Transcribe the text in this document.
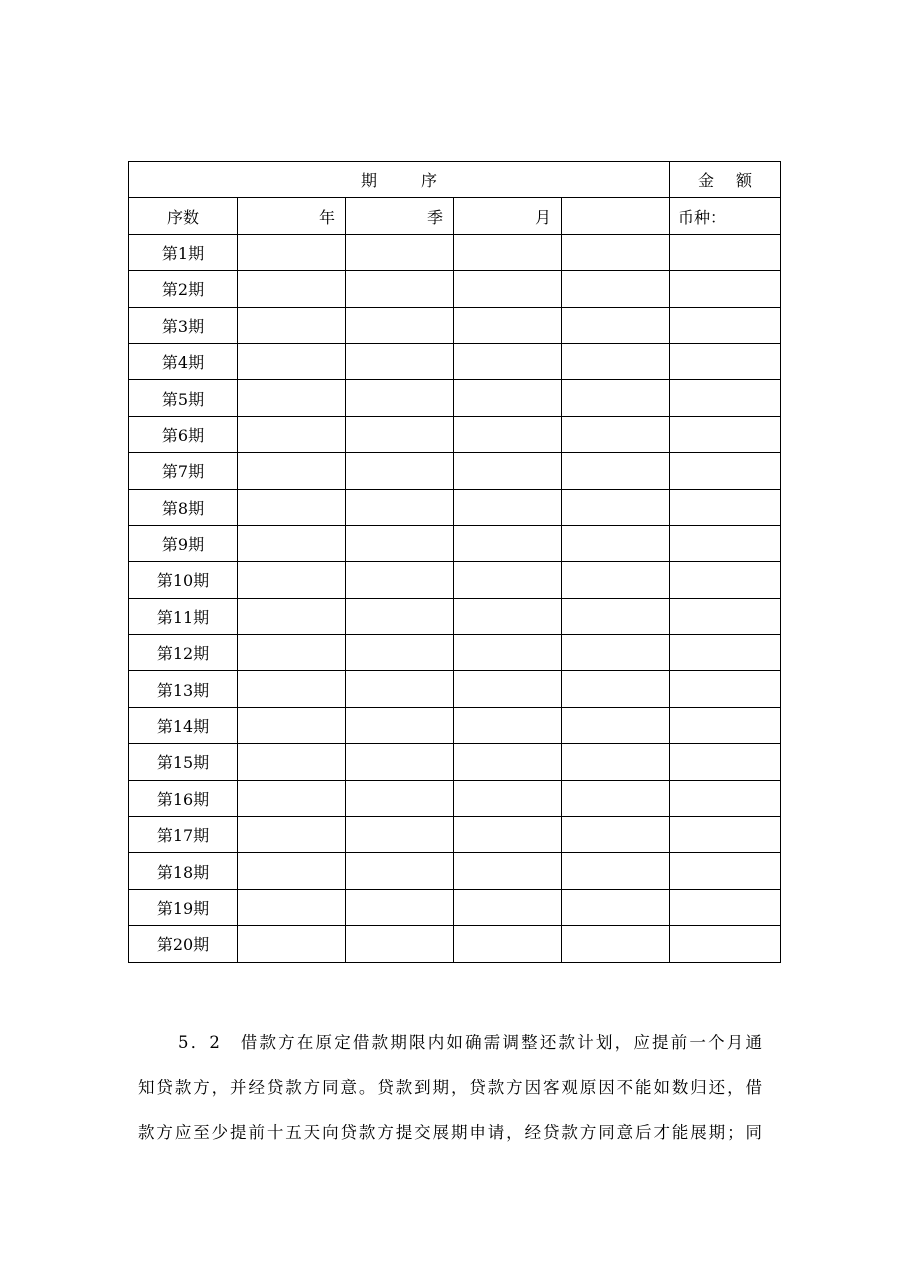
期 序					金 额
序数	年	季	月		币种：
第1期					
第2期					
第3期					
第4期					
第5期					
第6期					
第7期					
第8期					
第9期					
第10期					
第11期					
第12期					
第13期					
第14期					
第15期					
第16期					
第17期					
第18期					
第19期					
第20期					
5．2　借款方在原定借款期限内如确需调整还款计划，应提前一个月通
知贷款方，并经贷款方同意。贷款到期，贷款方因客观原因不能如数归还，借
款方应至少提前十五天向贷款方提交展期申请，经贷款方同意后才能展期；同
